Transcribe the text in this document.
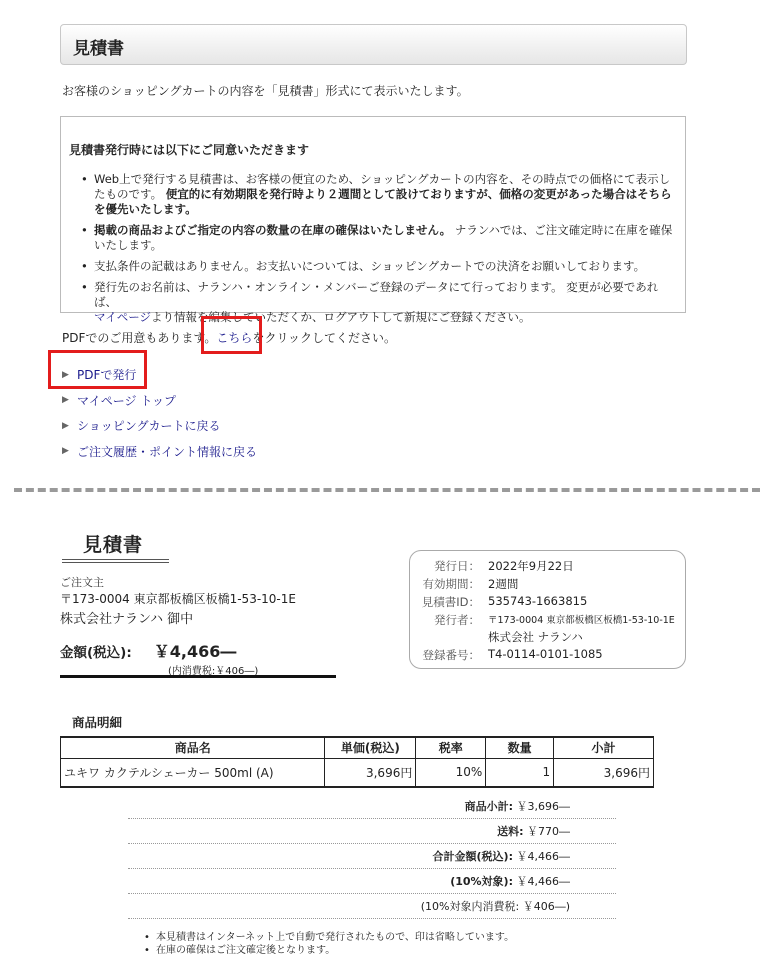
見積書
お客様のショッピングカートの内容を「見積書」形式にて表示いたします。
見積書発行時には以下にご同意いただきます
• Web上で発行する見積書は、お客様の便宜のため、ショッピングカートの内容を、その時点での価格にて表示したものです。 便宜的に有効期限を発行時より２週間として設けておりますが、価格の変更があった場合はそちらを優先いたします。
• 掲載の商品およびご指定の内容の数量の在庫の確保はいたしません。 ナランハでは、ご注文確定時に在庫を確保いたします。
• 支払条件の記載はありません。お支払いについては、ショッピングカートでの決済をお願いしております。
• 発行先のお名前は、ナランハ・オンライン・メンバーご登録のデータにて行っております。 変更が必要であれば、
マイページより情報を編集していただくか、ログアウトして新規にご登録ください。
PDFでのご用意もあります。こちらをクリックしてください。
▶ PDFで発行
▶ マイページ トップ
▶ ショッピングカートに戻る
▶ ご注文履歴・ポイント情報に戻る
見積書
ご注文主
〒173-0004 東京都板橋区板橋1-53-10-1E
株式会社ナランハ 御中
金額(税込): ￥4,466―
(内消費税:￥406―)
発行日： 2022年9月22日
有効期間： 2週間
見積書ID： 535743-1663815
発行者： 〒173-0004 東京都板橋区板橋1-53-10-1E
株式会社 ナランハ
登録番号： T4-0114-0101-1085
商品明細
商品名	単価(税込)	税率	数量	小計
ユキワ カクテルシェーカー 500ml (A)	3,696円	10%	1	3,696円
商品小計:
￥3,696―
送料:
￥770―
合計金額(税込):
￥4,466―
(10%対象):
￥4,466―
(10%対象内消費税:
￥406―)
• 本見積書はインターネット上で自動で発行されたもので、印は省略しています。
• 在庫の確保はご注文確定後となります。
